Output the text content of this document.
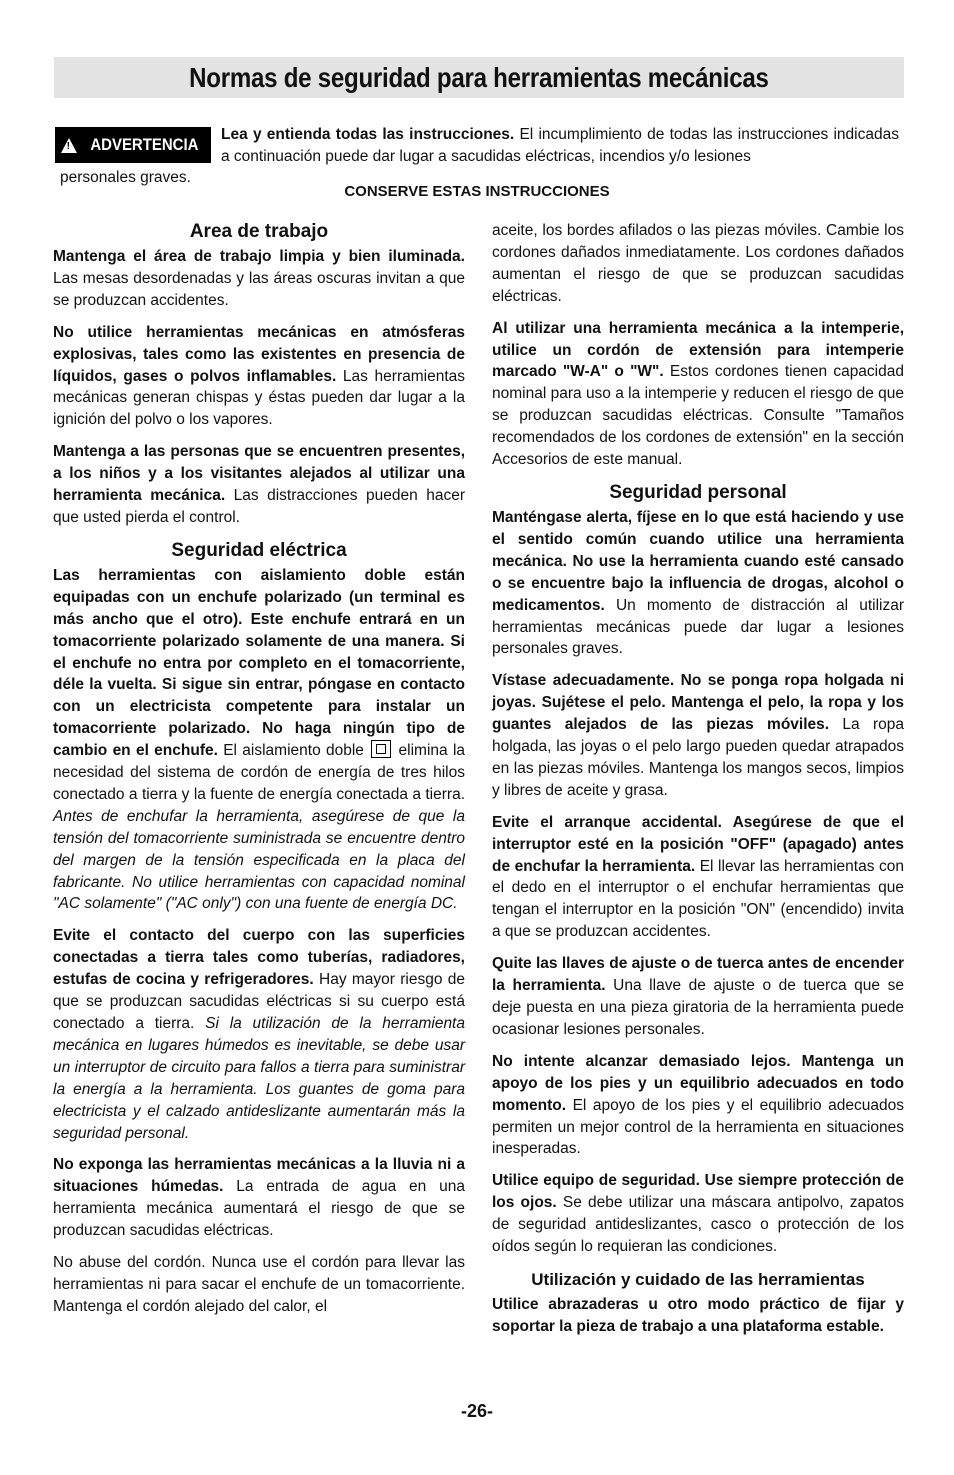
Normas de seguridad para herramientas mecánicas
! ADVERTENCIA
Lea y entienda todas las instrucciones. El incumplimiento de todas las instrucciones indicadas a continuación puede dar lugar a sacudidas eléctricas, incendios y/o lesiones
personales graves.
CONSERVE ESTAS INSTRUCCIONES
Area de trabajo

Mantenga el área de trabajo limpia y bien iluminada. Las mesas desordenadas y las áreas oscuras invitan a que se produzcan accidentes.

No utilice herramientas mecánicas en atmósferas explosivas, tales como las existentes en presencia de líquidos, gases o polvos inflamables. Las herramientas mecánicas generan chispas y éstas pueden dar lugar a la ignición del polvo o los vapores.

Mantenga a las personas que se encuentren presentes, a los niños y a los visitantes alejados al utilizar una herramienta mecánica. Las distracciones pueden hacer que usted pierda el control.

Seguridad eléctrica

Las herramientas con aislamiento doble están equipadas con un enchufe polarizado (un terminal es más ancho que el otro). Este enchufe entrará en un tomacorriente polarizado solamente de una manera. Si el enchufe no entra por completo en el tomacorriente, déle la vuelta. Si sigue sin entrar, póngase en contacto con un electricista competente para instalar un tomacorriente polarizado. No haga ningún tipo de cambio en el enchufe. El aislamiento doble  elimina la necesidad del sistema de cordón de energía de tres hilos conectado a tierra y la fuente de energía conectada a tierra. Antes de enchufar la herramienta, asegúrese de que la tensión del tomacorriente suministrada se encuentre dentro del margen de la tensión especificada en la placa del fabricante. No utilice herramientas con capacidad nominal "AC solamente" ("AC only") con una fuente de energía DC.

Evite el contacto del cuerpo con las superficies conectadas a tierra tales como tuberías, radiadores, estufas de cocina y refrigeradores. Hay mayor riesgo de que se produzcan sacudidas eléctricas si su cuerpo está conectado a tierra. Si la utilización de la herramienta mecánica en lugares húmedos es inevitable, se debe usar un interruptor de circuito para fallos a tierra para suministrar la energía a la herramienta. Los guantes de goma para electricista y el calzado antideslizante aumentarán más la seguridad personal.

No exponga las herramientas mecánicas a la lluvia ni a situaciones húmedas. La entrada de agua en una herramienta mecánica aumentará el riesgo de que se produzcan sacudidas eléctricas.

No abuse del cordón. Nunca use el cordón para llevar las herramientas ni para sacar el enchufe de un tomacorriente. Mantenga el cordón alejado del calor, el

aceite, los bordes afilados o las piezas móviles. Cambie los cordones dañados inmediatamente. Los cordones dañados aumentan el riesgo de que se produzcan sacudidas eléctricas.

Al utilizar una herramienta mecánica a la intemperie, utilice un cordón de extensión para intemperie marcado "W-A" o "W". Estos cordones tienen capacidad nominal para uso a la intemperie y reducen el riesgo de que se produzcan sacudidas eléctricas. Consulte "Tamaños recomendados de los cordones de extensión" en la sección Accesorios de este manual.

Seguridad personal

Manténgase alerta, fíjese en lo que está haciendo y use el sentido común cuando utilice una herramienta mecánica. No use la herramienta cuando esté cansado o se encuentre bajo la influencia de drogas, alcohol o medicamentos. Un momento de distracción al utilizar herramientas mecánicas puede dar lugar a lesiones personales graves.

Vístase adecuadamente. No se ponga ropa holgada ni joyas. Sujétese el pelo. Mantenga el pelo, la ropa y los guantes alejados de las piezas móviles. La ropa holgada, las joyas o el pelo largo pueden quedar atrapados en las piezas móviles. Mantenga los mangos secos, limpios y libres de aceite y grasa.

Evite el arranque accidental. Asegúrese de que el interruptor esté en la posición "OFF" (apagado) antes de enchufar la herramienta. El llevar las herramientas con el dedo en el interruptor o el enchufar herramientas que tengan el interruptor en la posición "ON" (encendido) invita a que se produzcan accidentes.

Quite las llaves de ajuste o de tuerca antes de encender la herramienta. Una llave de ajuste o de tuerca que se deje puesta en una pieza giratoria de la herramienta puede ocasionar lesiones personales.

No intente alcanzar demasiado lejos. Mantenga un apoyo de los pies y un equilibrio adecuados en todo momento. El apoyo de los pies y el equilibrio adecuados permiten un mejor control de la herramienta en situaciones inesperadas.

Utilice equipo de seguridad. Use siempre protección de los ojos. Se debe utilizar una máscara antipolvo, zapatos de seguridad antideslizantes, casco o protección de los oídos según lo requieran las condiciones.

Utilización y cuidado de las herramientas

Utilice abrazaderas u otro modo práctico de fijar y soportar la pieza de trabajo a una plataforma estable.

-26-
